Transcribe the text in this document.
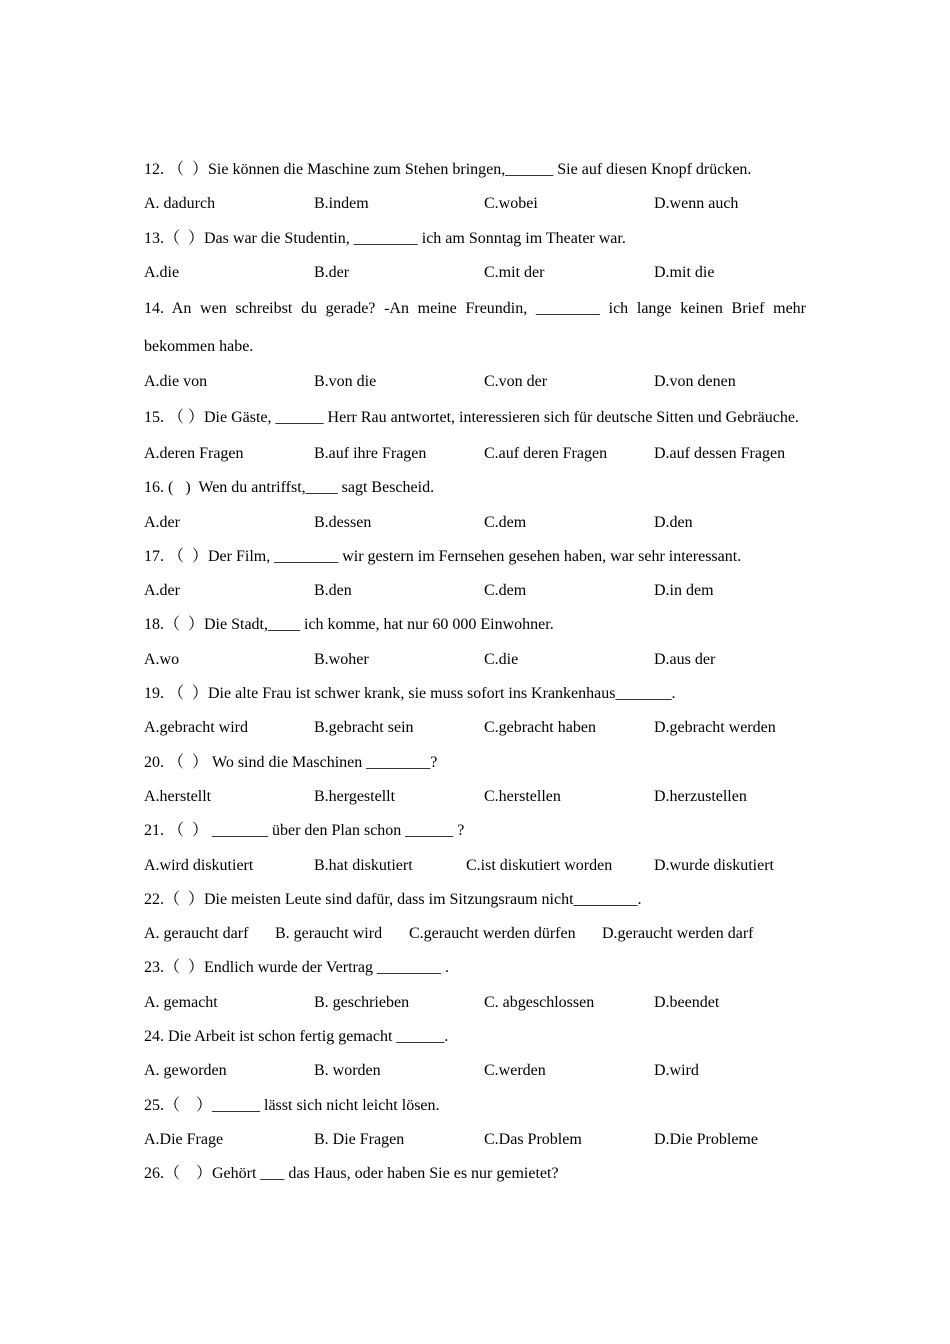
12. （  ）Sie können die Maschine zum Stehen bringen,______ Sie auf diesen Knopf drücken.
A. dadurch	B.indem	C.wobei	D.wenn auch
13.（  ）Das war die Studentin, ________ ich am Sonntag im Theater war.
A.die	B.der	C.mit der	D.mit die
14. An wen schreibst du gerade? -An meine Freundin, ________ ich lange keinen Brief mehr bekommen habe.
A.die von	B.von die	C.von der	D.von denen
15. （ ）Die Gäste, ______ Herr Rau antwortet, interessieren sich für deutsche Sitten und Gebräuche.
A.deren Fragen	B.auf ihre Fragen	C.auf deren Fragen	D.auf dessen Fragen
16. (   )  Wen du antriffst,____ sagt Bescheid.
A.der	B.dessen	C.dem	D.den
17. （  ）Der Film, ________ wir gestern im Fernsehen gesehen haben, war sehr interessant.
A.der	B.den	C.dem	D.in dem
18.（  ）Die Stadt,____ ich komme, hat nur 60 000 Einwohner.
A.wo	B.woher	C.die	D.aus der
19. （  ）Die alte Frau ist schwer krank, sie muss sofort ins Krankenhaus_______.
A.gebracht wird	B.gebracht sein	C.gebracht haben	D.gebracht werden
20. （  ） Wo sind die Maschinen ________?
A.herstellt	B.hergestellt	C.herstellen	D.herzustellen
21. （  ） _______ über den Plan schon ______ ?
A.wird diskutiert	B.hat diskutiert	C.ist diskutiert worden	D.wurde diskutiert
22.（  ）Die meisten Leute sind dafür, dass im Sitzungsraum nicht________.
A. geraucht darf B. geraucht wird C.geraucht werden dürfen D.geraucht werden darf
23.（  ）Endlich wurde der Vertrag ________ .
A. gemacht	B. geschrieben	C. abgeschlossen	D.beendet
24. Die Arbeit ist schon fertig gemacht ______.
A. geworden	B. worden	C.werden	D.wird
25.（    ）______ lässt sich nicht leicht lösen.
A.Die Frage	B. Die Fragen	C.Das Problem	D.Die Probleme
26.（    ）Gehört ___ das Haus, oder haben Sie es nur gemietet?
